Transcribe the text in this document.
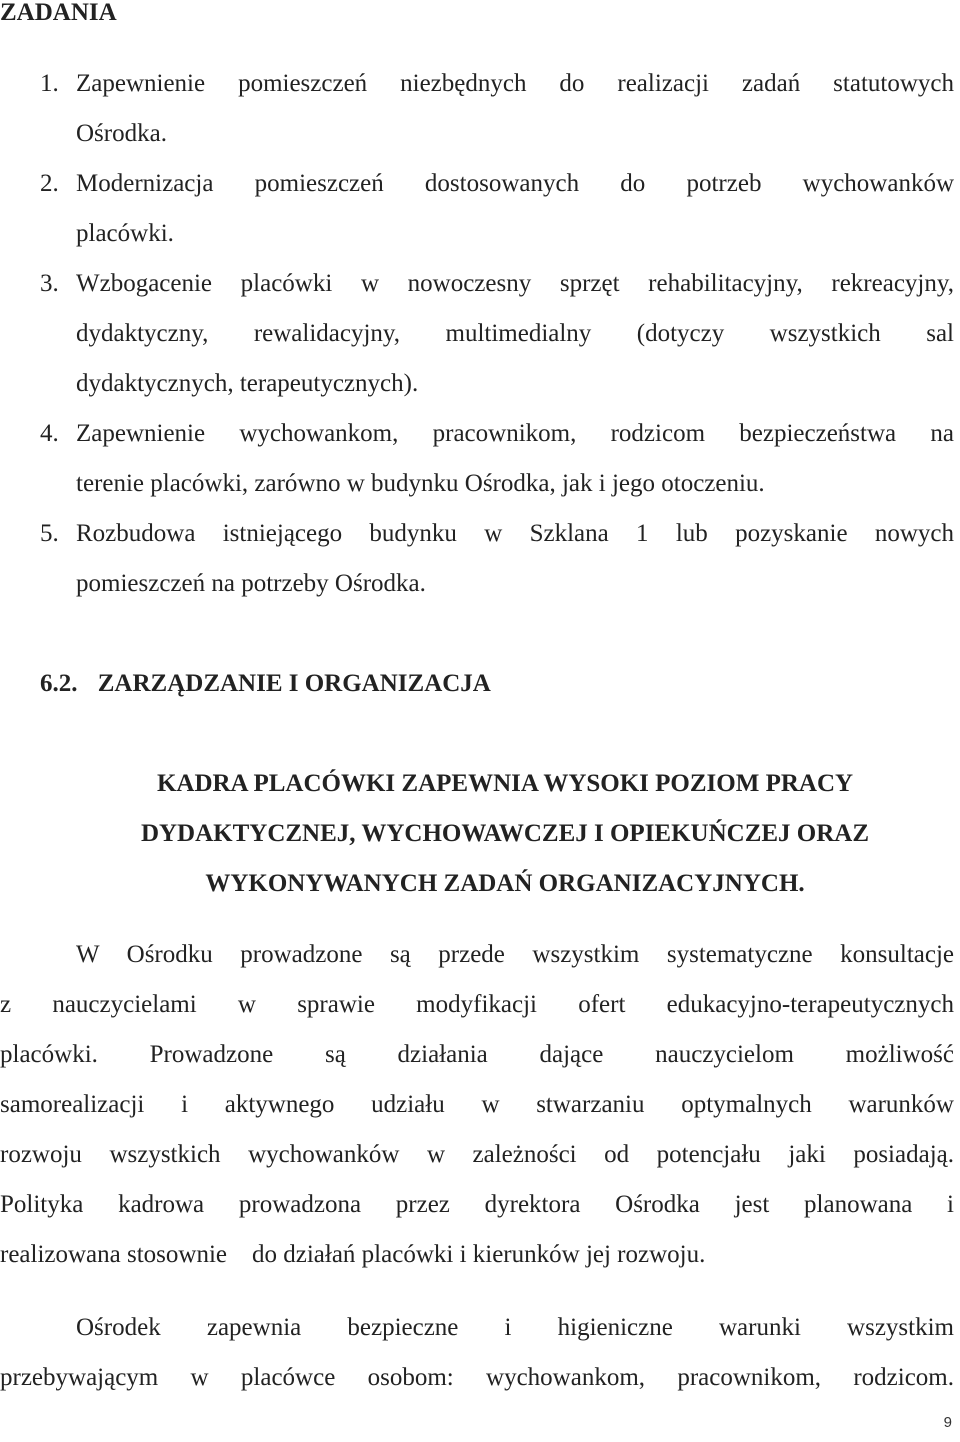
ZADANIA
1. Zapewnienie pomieszczeń niezbędnych do realizacji zadań statutowych
Ośrodka.
2. Modernizacja pomieszczeń dostosowanych do potrzeb wychowanków
placówki.
3. Wzbogacenie placówki w nowoczesny sprzęt rehabilitacyjny, rekreacyjny,
dydaktyczny, rewalidacyjny, multimedialny (dotyczy wszystkich sal
dydaktycznych, terapeutycznych).
4. Zapewnienie wychowankom, pracownikom, rodzicom bezpieczeństwa na
terenie placówki, zarówno w budynku Ośrodka, jak i jego otoczeniu.
5. Rozbudowa istniejącego budynku w Szklana 1 lub pozyskanie nowych
pomieszczeń na potrzeby Ośrodka.
6.2. ZARZĄDZANIE I ORGANIZACJA
KADRA PLACÓWKI ZAPEWNIA WYSOKI POZIOM PRACY
DYDAKTYCZNEJ, WYCHOWAWCZEJ I OPIEKUŃCZEJ ORAZ
WYKONYWANYCH ZADAŃ ORGANIZACYJNYCH.
W Ośrodku prowadzone są przede wszystkim systematyczne konsultacje
z nauczycielami w sprawie modyfikacji ofert edukacyjno-terapeutycznych
placówki. Prowadzone są działania dające nauczycielom możliwość
samorealizacji i aktywnego udziału w stwarzaniu optymalnych warunków
rozwoju wszystkich wychowanków w zależności od potencjału jaki posiadają.
Polityka kadrowa prowadzona przez dyrektora Ośrodka jest planowana i
realizowana stosownie    do działań placówki i kierunków jej rozwoju.
Ośrodek zapewnia bezpieczne i higieniczne warunki wszystkim
przebywającym w placówce osobom: wychowankom, pracownikom, rodzicom.
9
